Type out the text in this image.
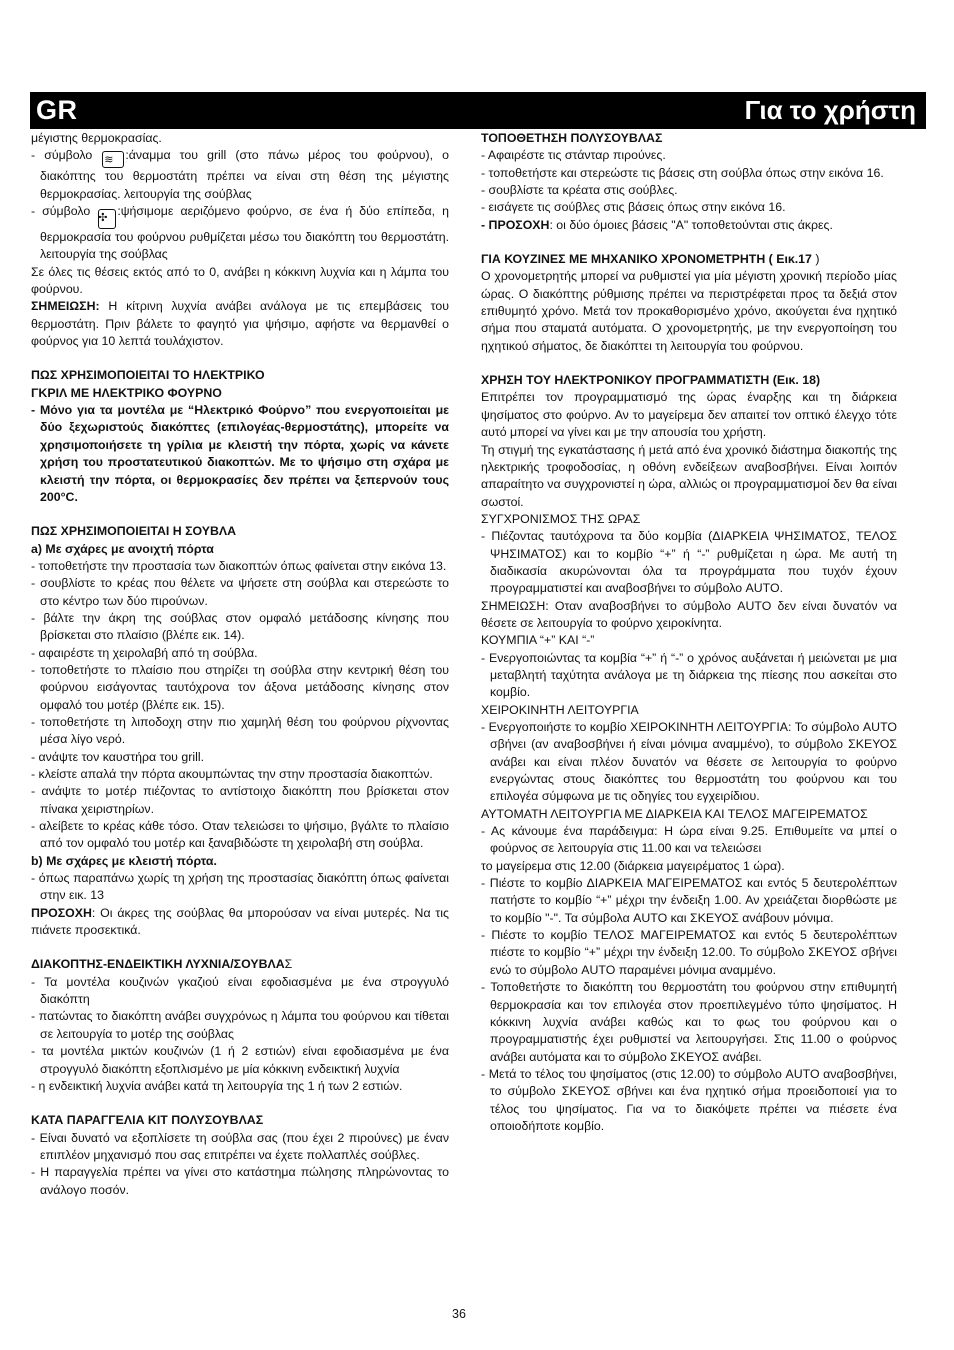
GR	Για το χρήστη

μέγιστης θερμοκρασίας.

- σύμβολο ≋ :άναμμα του grill (στο πάνω μέρος του φούρνου), ο διακόπτης του θερμοστάτη πρέπει να είναι στη θέση της μέγιστης θερμοκρασίας. λειτουργία της σούβλας

- σύμβολο ✣ :ψήσιμομε αεριζόμενο φούρνο, σε ένα ή δύο επίπεδα, η θερμοκρασία του φούρνου ρυθμίζεται μέσω του διακόπτη του θερμοστάτη. λειτουργία της σούβλας

Σε όλες τις θέσεις εκτός από το 0, ανάβει η κόκκινη λυχνία και η λάμπα του φούρνου.

ΣΗΜΕΙΩΣΗ: Η κίτρινη λυχνία ανάβει ανάλογα με τις επεμβάσεις του θερμοστάτη. Πριν βάλετε το φαγητό για ψήσιμο, αφήστε να θερμανθεί ο φούρνος για 10 λεπτά τουλάχιστον.

ΠΩΣ ΧΡΗΣΙΜΟΠΟΙΕΙΤΑΙ ΤΟ ΗΛΕΚΤΡΙΚΟ

ΓΚΡΙΛ ΜΕ ΗΛΕΚΤΡΙΚΟ ΦΟΥΡΝΟ

- Μόνο για τα μοντέλα με “Ηλεκτρικό Φούρνο” που ενεργοποιείται με δύο ξεχωριστούς διακόπτες (επιλογέας-θερμοστάτης), μπορείτε να χρησιμοποιήσετε τη γρίλια με κλειστή την πόρτα, χωρίς να κάνετε χρήση του προστατευτικού διακοπτών. Με το ψήσιμο στη σχάρα με κλειστή την πόρτα, οι θερμοκρασίες δεν πρέπει να ξεπερνούν τους 200°C.

ΠΩΣ ΧΡΗΣΙΜΟΠΟΙΕΙΤΑΙ Η ΣΟΥΒΛΑ

a) Με σχάρες με ανοιχτή πόρτα

- τοποθετήστε την προστασία των διακοπτών όπως φαίνεται στην εικόνα 13.

- σουβλίστε το κρέας που θέλετε να ψήσετε στη σούβλα και στερεώστε το στο κέντρο των δύο πιρούνων.

- βάλτε την άκρη της σούβλας στον ομφαλό μετάδοσης κίνησης που βρίσκεται στο πλαίσιο (βλέπε εικ. 14).

- αφαιρέστε τη χειρολαβή από τη σούβλα.

- τοποθετήστε το πλαίσιο που στηρίζει τη σούβλα στην κεντρική θέση του φούρνου εισάγοντας ταυτόχρονα τον άξονα μετάδοσης κίνησης στον ομφαλό του μοτέρ (βλέπε εικ. 15).

- τοποθετήστε τη λιποδοχη στην πιο χαμηλή θέση του φούρνου ρίχνοντας μέσα λίγο νερό.

- ανάψτε τον καυστήρα του grill.

- κλείστε απαλά την πόρτα ακουμπώντας την στην προστασία διακοπτών.

- ανάψτε το μοτέρ πιέζοντας το αντίστοιχο διακόπτη που βρίσκεται στον πίνακα χειριστηρίων.

- αλείβετε το κρέας κάθε τόσο. Οταν τελειώσει το ψήσιμο, βγάλτε το πλαίσιο από τον ομφαλό του μοτέρ και ξαναβιδώστε τη χειρολαβή στη σούβλα.

b) Με σχάρες με κλειστή πόρτα.

- όπως παραπάνω χωρίς τη χρήση της προστασίας διακόπτη όπως φαίνεται στην εικ. 13

ΠΡΟΣΟΧΗ: Οι άκρες της σούβλας θα μπορούσαν να είναι μυτερές. Να τις πιάνετε προσεκτικά.

ΔΙΑΚΟΠΤΗΣ-ΕΝΔΕΙΚΤΙΚΗ ΛΥΧΝΙΑ/ΣΟΥΒΛΑΣ

- Τα μοντέλα κουζινών γκαζιού είναι εφοδιασμένα με ένα στρογγυλό διακόπτη

- πατώντας το διακόπτη ανάβει συγχρόνως η λάμπα του φούρνου και τίθεται σε λειτουργία το μοτέρ της σούβλας

- τα μοντέλα μικτών κουζινών (1 ή 2 εστιών) είναι εφοδιασμένα με ένα στρογγυλό διακόπτη εξοπλισμένο με μία κόκκινη ενδεικτική λυχνία

- η ενδεικτική λυχνία ανάβει κατά τη λειτουργία της 1 ή των 2 εστιών.

ΚΑΤΑ ΠΑΡΑΓΓΕΛΙΑ ΚΙΤ ΠΟΛΥΣΟΥΒΛΑΣ

- Είναι δυνατό να εξοπλίσετε τη σούβλα σας (που έχει 2 πιρούνες) με έναν επιπλέον μηχανισμό που σας επιτρέπει να έχετε πολλαπλές σούβλες.

- Η παραγγελία πρέπει να γίνει στο κατάστημα πώλησης πληρώνοντας το ανάλογο ποσόν.

ΤΟΠΟΘΕΤΗΣΗ ΠΟΛΥΣΟΥΒΛΑΣ

- Αφαιρέστε τις στάνταρ πιρούνες.

- τοποθετήστε και στερεώστε τις βάσεις στη σούβλα όπως στην εικόνα 16.

- σουβλίστε τα κρέατα στις σούβλες.

- εισάγετε τις σούβλες στις βάσεις όπως στην εικόνα 16.

- ΠΡΟΣΟΧΗ: οι δύο όμοιες βάσεις "A" τοποθετούνται στις άκρες.

ΓΙΑ ΚΟΥΖΙΝΕΣ ΜΕ ΜΗΧΑΝΙΚΟ ΧΡΟΝΟΜΕΤΡΗΤΗ ( Εικ.17 )

Ο χρονομετρητής μπορεί να ρυθμιστεί για μία μέγιστη χρονική περίοδο μίας ώρας. Ο διακόπτης ρύθμισης πρέπει να περιστρέφεται προς τα δεξιά στον επιθυμητό χρόνο. Μετά τον προκαθορισμένο χρόνο, ακούγεται ένα ηχητικό σήμα που σταματά αυτόματα. Ο χρονομετρητής, με την ενεργοποίηση του ηχητικού σήματος, δε διακόπτει τη λειτουργία του φούρνου.

ΧΡΗΣΗ ΤΟΥ ΗΛΕΚΤΡΟΝΙΚΟΥ ΠΡΟΓΡΑΜΜΑΤΙΣΤΗ (Εικ. 18)

Επιτρέπει τον προγραμματισμό της ώρας έναρξης και τη διάρκεια ψησίματος στο φούρνο. Αν το μαγείρεμα δεν απαιτεί τον οπτικό έλεγχο τότε αυτό μπορεί να γίνει και με την απουσία του χρήστη.

Τη στιγμή της εγκατάστασης ή μετά από ένα χρονικό διάστημα διακοπής της ηλεκτρικής τροφοδοσίας, η οθόνη ενδείξεων αναβοσβήνει. Είναι λοιπόν απαραίτητο να συγχρονιστεί η ώρα, αλλιώς οι προγραμματισμοί δεν θα είναι σωστοί.

ΣΥΓΧΡΟΝΙΣΜΟΣ ΤΗΣ ΩΡΑΣ

- Πιέζοντας ταυτόχρονα τα δύο κομβία (ΔΙΑΡΚΕΙΑ ΨΗΣΙΜΑΤΟΣ, ΤΕΛΟΣ ΨΗΣΙΜΑΤΟΣ) και το κομβίο “+” ή “-” ρυθμίζεται η ώρα. Με αυτή τη διαδικασία ακυρώνονται όλα τα προγράμματα που τυχόν έχουν προγραμματιστεί και αναβοσβήνει το σύμβολο AUTO.

ΣΗΜΕΙΩΣΗ: Οταν αναβοσβήνει το σύμβολο AUTO δεν είναι δυνατόν να θέσετε σε λειτουργία το φούρνο χειροκίνητα.

ΚΟΥΜΠΙΑ “+” ΚΑΙ “-”

- Ενεργοποιώντας τα κομβία “+” ή “-” ο χρόνος αυξάνεται ή μειώνεται με μια μεταβλητή ταχύτητα ανάλογα με τη διάρκεια της πίεσης που ασκείται στο κομβίο.

ΧΕΙΡΟΚΙΝΗΤΗ ΛΕΙΤΟΥΡΓΙΑ

- Ενεργοποιήστε το κομβίο ΧΕΙΡΟΚΙΝΗΤΗ ΛΕΙΤΟΥΡΓΙΑ: Το σύμβολο AUTO σβήνει (αν αναβοσβήνει ή είναι μόνιμα αναμμένο), το σύμβολο ΣΚΕΥΟΣ ανάβει και είναι πλέον δυνατόν να θέσετε σε λειτουργία το φούρνο ενεργώντας στους διακόπτες του θερμοστάτη του φούρνου και του επιλογέα σύμφωνα με τις οδηγίες του εγχειρίδιου.

ΑΥΤΟΜΑΤΗ ΛΕΙΤΟΥΡΓΙΑ ΜΕ ΔΙΑΡΚΕΙΑ ΚΑΙ ΤΕΛΟΣ ΜΑΓΕΙΡΕΜΑΤΟΣ

- Ας κάνουμε ένα παράδειγμα: Η ώρα είναι 9.25. Επιθυμείτε να μπεί ο φούρνος σε λειτουργία στις 11.00 και να τελειώσει

το μαγείρεμα στις 12.00 (διάρκεια μαγειρέματος 1 ώρα).

- Πιέστε το κομβίο ΔΙΑΡΚΕΙΑ ΜΑΓΕΙΡΕΜΑΤΟΣ και εντός 5 δευτερολέπτων πατήστε το κομβίο “+” μέχρι την ένδειξη 1.00. Αν χρειάζεται διορθώστε με το κομβίο "-". Τα σύμβολα AUTO και ΣΚΕΥΟΣ ανάβουν μόνιμα.

- Πιέστε το κομβίο ΤΕΛΟΣ ΜΑΓΕΙΡΕΜΑΤΟΣ και εντός 5 δευτερολέπτων πιέστε το κομβίο “+” μέχρι την ένδειξη 12.00. Το σύμβολο ΣΚΕΥΟΣ σβήνει ενώ το σύμβολο AUTO παραμένει μόνιμα αναμμένο.

- Τοποθετήστε το διακόπτη του θερμοστάτη του φούρνου στην επιθυμητή θερμοκρασία και τον επιλογέα στον προεπιλεγμένο τύπο ψησίματος. Η κόκκινη λυχνία ανάβει καθώς και το φως του φούρνου και ο προγραμματιστής έχει ρυθμιστεί να λειτουργήσει. Στις 11.00 ο φούρνος ανάβει αυτόματα και το σύμβολο ΣΚΕΥΟΣ ανάβει.

- Μετά το τέλος του ψησίματος (στις 12.00) το σύμβολο AUTO αναβοσβήνει, το σύμβολο ΣΚΕΥΟΣ σβήνει και ένα ηχητικό σήμα προειδοποιεί για το τέλος του ψησίματος. Για να το διακόψετε πρέπει να πιέσετε ένα οποιοδήποτε κομβίο.

36
